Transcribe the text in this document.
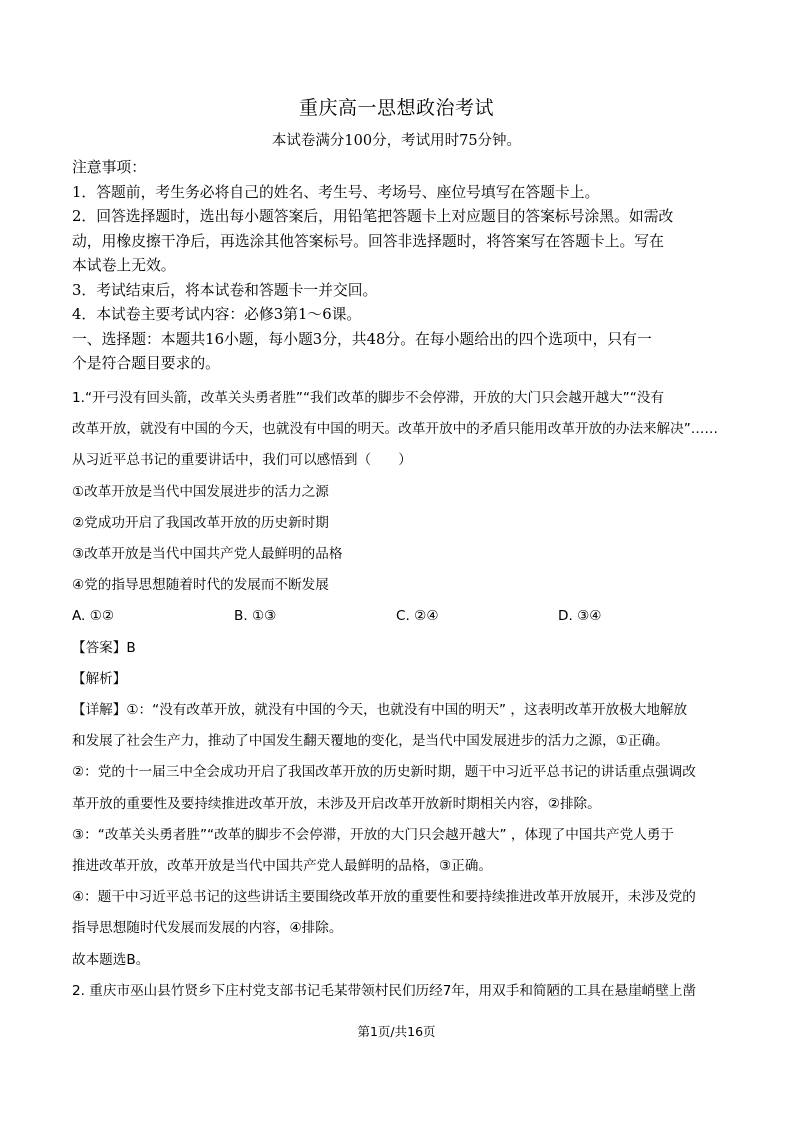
重庆高一思想政治考试
本试卷满分100分，考试用时75分钟。

注意事项：

1．答题前，考生务必将自己的姓名、考生号、考场号、座位号填写在答题卡上。

2．回答选择题时，选出每小题答案后，用铅笔把答题卡上对应题目的答案标号涂黑。如需改

动，用橡皮擦干净后，再选涂其他答案标号。回答非选择题时，将答案写在答题卡上。写在

本试卷上无效。

3．考试结束后，将本试卷和答题卡一并交回。

4．本试卷主要考试内容：必修3第1～6课。

一、选择题：本题共16小题，每小题3分，共48分。在每小题给出的四个选项中，只有一

个是符合题目要求的。

1.“开弓没有回头箭，改革关头勇者胜”“我们改革的脚步不会停滞，开放的大门只会越开越大”“没有

改革开放，就没有中国的今天，也就没有中国的明天。改革开放中的矛盾只能用改革开放的办法来解决”……

从习近平总书记的重要讲话中，我们可以感悟到（　　）

①改革开放是当代中国发展进步的活力之源

②党成功开启了我国改革开放的历史新时期

③改革开放是当代中国共产党人最鲜明的品格

④党的指导思想随着时代的发展而不断发展

A. ①②	B. ①③	C. ②④	D. ③④

【答案】B

【解析】

【详解】①：“没有改革开放，就没有中国的今天，也就没有中国的明天” ，这表明改革开放极大地解放

和发展了社会生产力，推动了中国发生翻天覆地的变化，是当代中国发展进步的活力之源，①正确。

②：党的十一届三中全会成功开启了我国改革开放的历史新时期，题干中习近平总书记的讲话重点强调改

革开放的重要性及要持续推进改革开放，未涉及开启改革开放新时期相关内容，②排除。

③：“改革关头勇者胜”“改革的脚步不会停滞，开放的大门只会越开越大” ，体现了中国共产党人勇于

推进改革开放，改革开放是当代中国共产党人最鲜明的品格，③正确。

④：题干中习近平总书记的这些讲话主要围绕改革开放的重要性和要持续推进改革开放展开，未涉及党的

指导思想随时代发展而发展的内容，④排除。

故本题选B。

2. 重庆市巫山县竹贤乡下庄村党支部书记毛某带领村民们历经7年，用双手和简陋的工具在悬崖峭壁上凿

第1页/共16页
